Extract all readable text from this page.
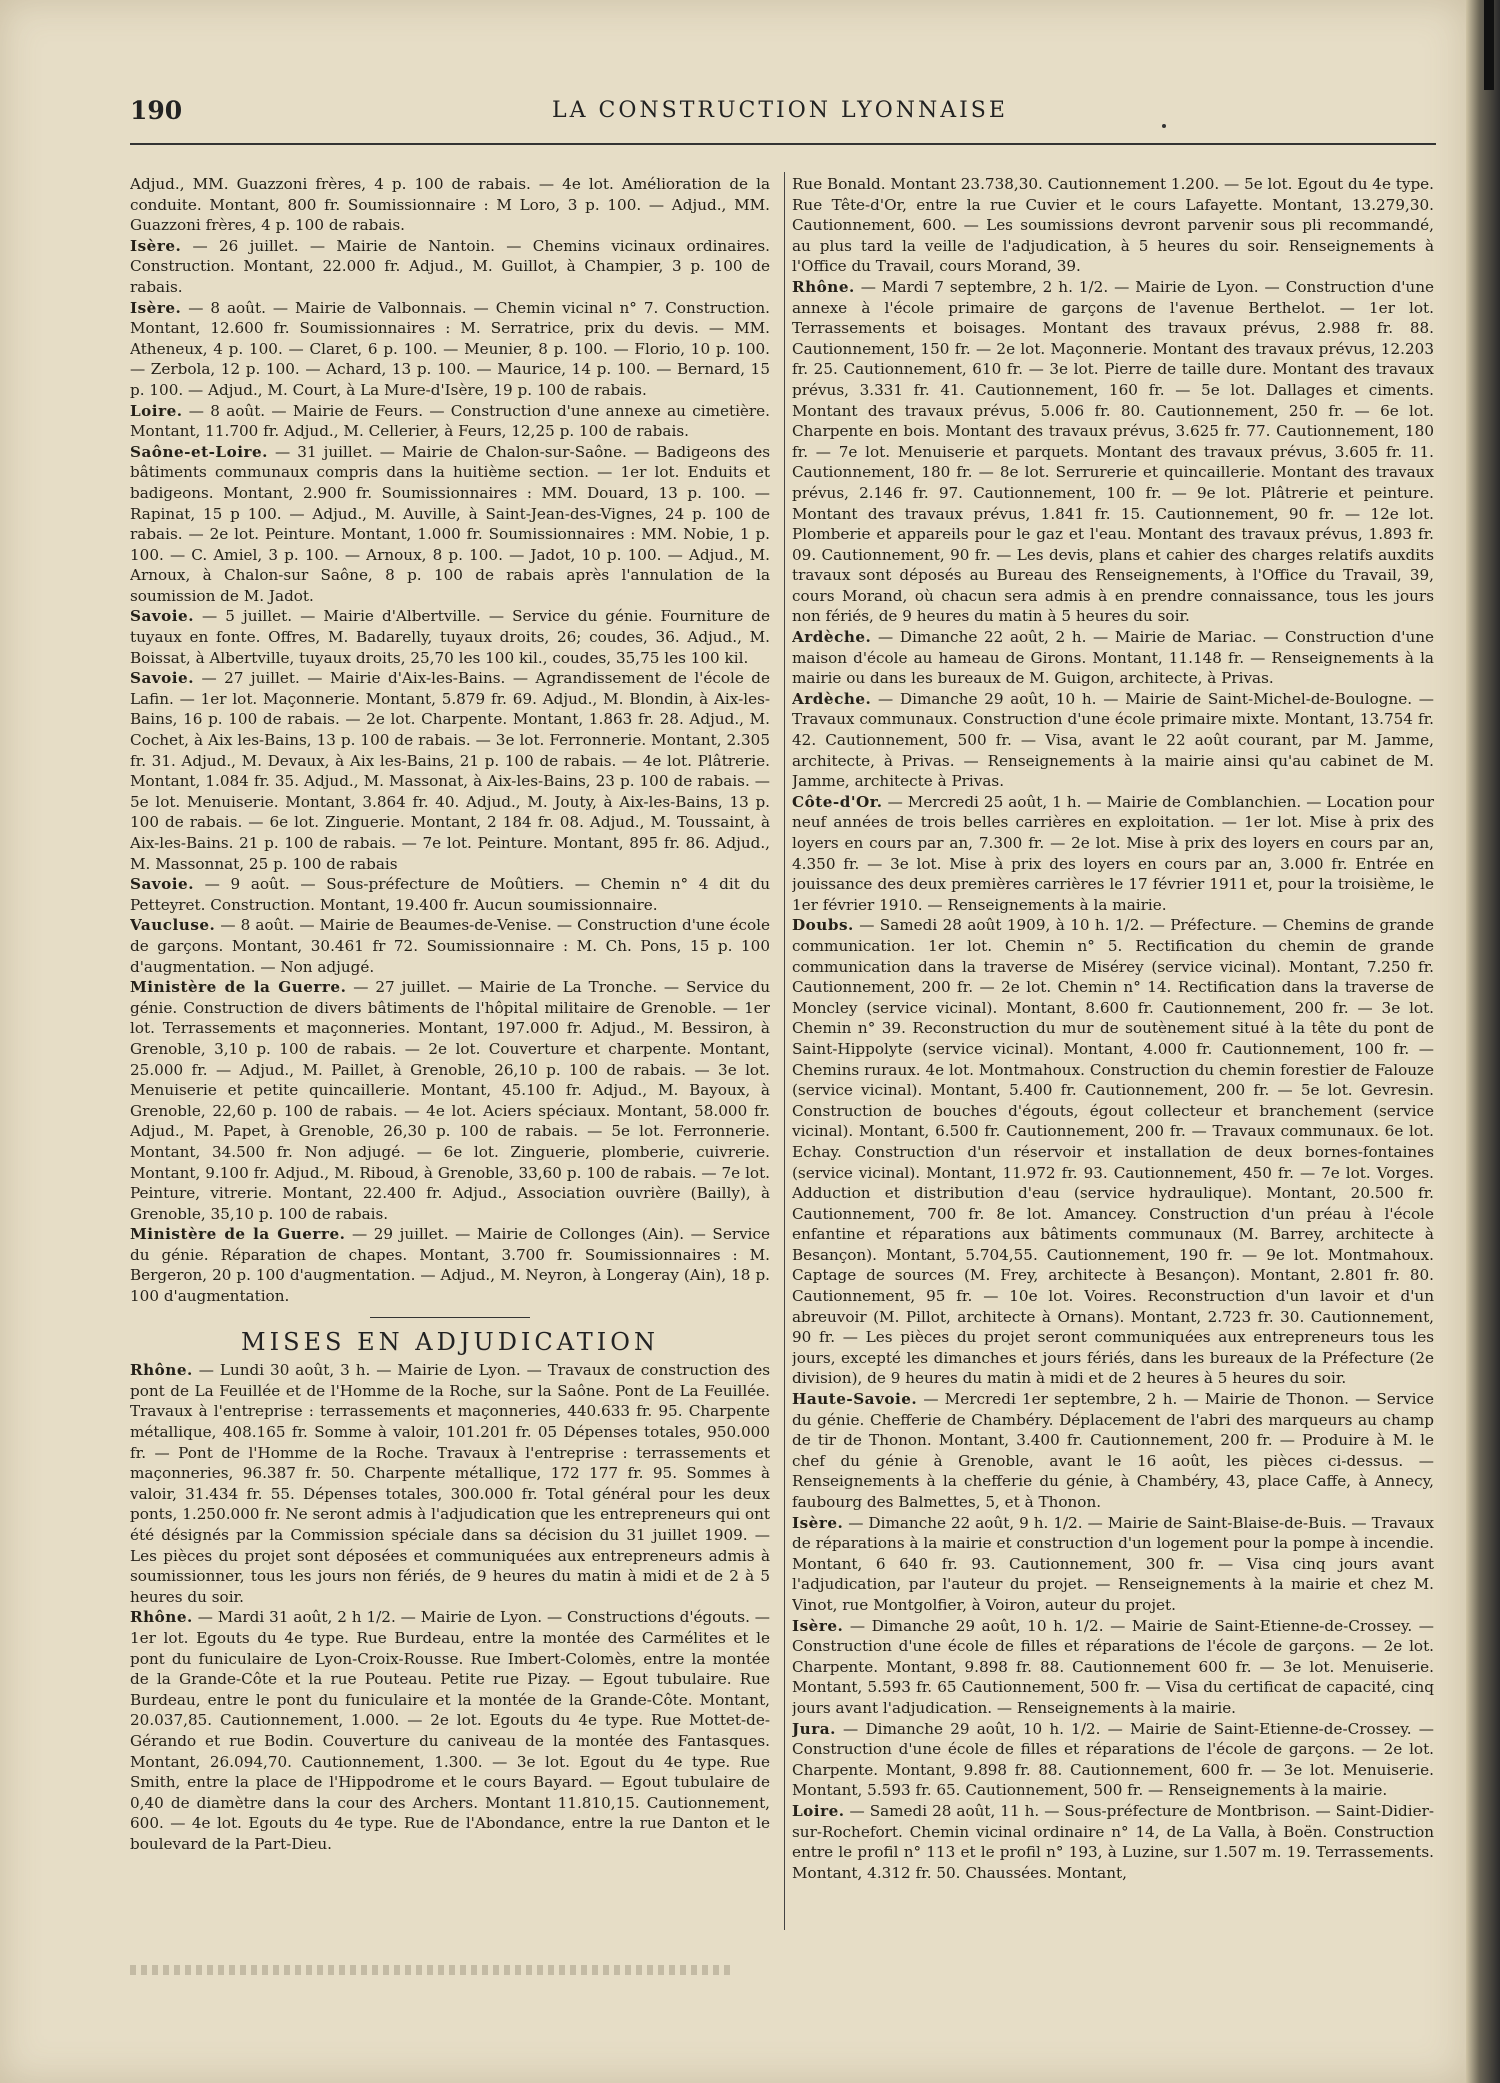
190	LA CONSTRUCTION LYONNAISE

Adjud., MM. Guazzoni frères, 4 p. 100 de rabais. — 4e lot. Amélioration de la conduite. Montant, 800 fr. Soumissionnaire : M Loro, 3 p. 100. — Adjud., MM. Guazzoni frères, 4 p. 100 de rabais.

Isère. — 26 juillet. — Mairie de Nantoin. — Chemins vicinaux ordinaires. Construction. Montant, 22.000 fr. Adjud., M. Guillot, à Champier, 3 p. 100 de rabais.

Isère. — 8 août. — Mairie de Valbonnais. — Chemin vicinal n° 7. Construction. Montant, 12.600 fr. Soumissionnaires : M. Serratrice, prix du devis. — MM. Atheneux, 4 p. 100. — Claret, 6 p. 100. — Meunier, 8 p. 100. — Florio, 10 p. 100. — Zerbola, 12 p. 100. — Achard, 13 p. 100. — Maurice, 14 p. 100. — Bernard, 15 p. 100. — Adjud., M. Court, à La Mure-d'Isère, 19 p. 100 de rabais.

Loire. — 8 août. — Mairie de Feurs. — Construction d'une annexe au cimetière. Montant, 11.700 fr. Adjud., M. Cellerier, à Feurs, 12,25 p. 100 de rabais.

Saône-et-Loire. — 31 juillet. — Mairie de Chalon-sur-Saône. — Badigeons des bâtiments communaux compris dans la huitième section. — 1er lot. Enduits et badigeons. Montant, 2.900 fr. Soumissionnaires : MM. Douard, 13 p. 100. — Rapinat, 15 p 100. — Adjud., M. Auville, à Saint-Jean-des-Vignes, 24 p. 100 de rabais. — 2e lot. Peinture. Montant, 1.000 fr. Soumissionnaires : MM. Nobie, 1 p. 100. — C. Amiel, 3 p. 100. — Arnoux, 8 p. 100. — Jadot, 10 p. 100. — Adjud., M. Arnoux, à Chalon-sur Saône, 8 p. 100 de rabais après l'annulation de la soumission de M. Jadot.

Savoie. — 5 juillet. — Mairie d'Albertville. — Service du génie. Fourniture de tuyaux en fonte. Offres, M. Badarelly, tuyaux droits, 26; coudes, 36. Adjud., M. Boissat, à Albertville, tuyaux droits, 25,70 les 100 kil., coudes, 35,75 les 100 kil.

Savoie. — 27 juillet. — Mairie d'Aix-les-Bains. — Agrandissement de l'école de Lafin. — 1er lot. Maçonnerie. Montant, 5.879 fr. 69. Adjud., M. Blondin, à Aix-les-Bains, 16 p. 100 de rabais. — 2e lot. Charpente. Montant, 1.863 fr. 28. Adjud., M. Cochet, à Aix les-Bains, 13 p. 100 de rabais. — 3e lot. Ferronnerie. Montant, 2.305 fr. 31. Adjud., M. Devaux, à Aix les-Bains, 21 p. 100 de rabais. — 4e lot. Plâtrerie. Montant, 1.084 fr. 35. Adjud., M. Massonat, à Aix-les-Bains, 23 p. 100 de rabais. — 5e lot. Menuiserie. Montant, 3.864 fr. 40. Adjud., M. Jouty, à Aix-les-Bains, 13 p. 100 de rabais. — 6e lot. Zinguerie. Montant, 2 184 fr. 08. Adjud., M. Toussaint, à Aix-les-Bains. 21 p. 100 de rabais. — 7e lot. Peinture. Montant, 895 fr. 86. Adjud., M. Massonnat, 25 p. 100 de rabais

Savoie. — 9 août. — Sous-préfecture de Moûtiers. — Chemin n° 4 dit du Petteyret. Construction. Montant, 19.400 fr. Aucun soumissionnaire.

Vaucluse. — 8 août. — Mairie de Beaumes-de-Venise. — Construction d'une école de garçons. Montant, 30.461 fr 72. Soumissionnaire : M. Ch. Pons, 15 p. 100 d'augmentation. — Non adjugé.

Ministère de la Guerre. — 27 juillet. — Mairie de La Tronche. — Service du génie. Construction de divers bâtiments de l'hôpital militaire de Grenoble. — 1er lot. Terrassements et maçonneries. Montant, 197.000 fr. Adjud., M. Bessiron, à Grenoble, 3,10 p. 100 de rabais. — 2e lot. Couverture et charpente. Montant, 25.000 fr. — Adjud., M. Paillet, à Grenoble, 26,10 p. 100 de rabais. — 3e lot. Menuiserie et petite quincaillerie. Montant, 45.100 fr. Adjud., M. Bayoux, à Grenoble, 22,60 p. 100 de rabais. — 4e lot. Aciers spéciaux. Montant, 58.000 fr. Adjud., M. Papet, à Grenoble, 26,30 p. 100 de rabais. — 5e lot. Ferronnerie. Montant, 34.500 fr. Non adjugé. — 6e lot. Zinguerie, plomberie, cuivrerie. Montant, 9.100 fr. Adjud., M. Riboud, à Grenoble, 33,60 p. 100 de rabais. — 7e lot. Peinture, vitrerie. Montant, 22.400 fr. Adjud., Association ouvrière (Bailly), à Grenoble, 35,10 p. 100 de rabais.

Ministère de la Guerre. — 29 juillet. — Mairie de Collonges (Ain). — Service du génie. Réparation de chapes. Montant, 3.700 fr. Soumissionnaires : M. Bergeron, 20 p. 100 d'augmentation. — Adjud., M. Neyron, à Longeray (Ain), 18 p. 100 d'augmentation.

MISES EN ADJUDICATION

Rhône. — Lundi 30 août, 3 h. — Mairie de Lyon. — Travaux de construction des pont de La Feuillée et de l'Homme de la Roche, sur la Saône. Pont de La Feuillée. Travaux à l'entreprise : terrassements et maçonneries, 440.633 fr. 95. Charpente métallique, 408.165 fr. Somme à valoir, 101.201 fr. 05 Dépenses totales, 950.000 fr. — Pont de l'Homme de la Roche. Travaux à l'entreprise : terrassements et maçonneries, 96.387 fr. 50. Charpente métallique, 172 177 fr. 95. Sommes à valoir, 31.434 fr. 55. Dépenses totales, 300.000 fr. Total général pour les deux ponts, 1.250.000 fr. Ne seront admis à l'adjudication que les entrepreneurs qui ont été désignés par la Commission spéciale dans sa décision du 31 juillet 1909. — Les pièces du projet sont déposées et communiquées aux entrepreneurs admis à soumissionner, tous les jours non fériés, de 9 heures du matin à midi et de 2 à 5 heures du soir.

Rhône. — Mardi 31 août, 2 h 1/2. — Mairie de Lyon. — Constructions d'égouts. — 1er lot. Egouts du 4e type. Rue Burdeau, entre la montée des Carmélites et le pont du funiculaire de Lyon-Croix-Rousse. Rue Imbert-Colomès, entre la montée de la Grande-Côte et la rue Pouteau. Petite rue Pizay. — Egout tubulaire. Rue Burdeau, entre le pont du funiculaire et la montée de la Grande-Côte. Montant, 20.037,85. Cautionnement, 1.000. — 2e lot. Egouts du 4e type. Rue Mottet-de-Gérando et rue Bodin. Couverture du caniveau de la montée des Fantasques. Montant, 26.094,70. Cautionnement, 1.300. — 3e lot. Egout du 4e type. Rue Smith, entre la place de l'Hippodrome et le cours Bayard. — Egout tubulaire de 0,40 de diamètre dans la cour des Archers. Montant 11.810,15. Cautionnement, 600. — 4e lot. Egouts du 4e type. Rue de l'Abondance, entre la rue Danton et le boulevard de la Part-Dieu.

Rue Bonald. Montant 23.738,30. Cautionnement 1.200. — 5e lot. Egout du 4e type. Rue Tête-d'Or, entre la rue Cuvier et le cours Lafayette. Montant, 13.279,30. Cautionnement, 600. — Les soumissions devront parvenir sous pli recommandé, au plus tard la veille de l'adjudication, à 5 heures du soir. Renseignements à l'Office du Travail, cours Morand, 39.

Rhône. — Mardi 7 septembre, 2 h. 1/2. — Mairie de Lyon. — Construction d'une annexe à l'école primaire de garçons de l'avenue Berthelot. — 1er lot. Terrassements et boisages. Montant des travaux prévus, 2.988 fr. 88. Cautionnement, 150 fr. — 2e lot. Maçonnerie. Montant des travaux prévus, 12.203 fr. 25. Cautionnement, 610 fr. — 3e lot. Pierre de taille dure. Montant des travaux prévus, 3.331 fr. 41. Cautionnement, 160 fr. — 5e lot. Dallages et ciments. Montant des travaux prévus, 5.006 fr. 80. Cautionnement, 250 fr. — 6e lot. Charpente en bois. Montant des travaux prévus, 3.625 fr. 77. Cautionnement, 180 fr. — 7e lot. Menuiserie et parquets. Montant des travaux prévus, 3.605 fr. 11. Cautionnement, 180 fr. — 8e lot. Serrurerie et quincaillerie. Montant des travaux prévus, 2.146 fr. 97. Cautionnement, 100 fr. — 9e lot. Plâtrerie et peinture. Montant des travaux prévus, 1.841 fr. 15. Cautionnement, 90 fr. — 12e lot. Plomberie et appareils pour le gaz et l'eau. Montant des travaux prévus, 1.893 fr. 09. Cautionnement, 90 fr. — Les devis, plans et cahier des charges relatifs auxdits travaux sont déposés au Bureau des Renseignements, à l'Office du Travail, 39, cours Morand, où chacun sera admis à en prendre connaissance, tous les jours non fériés, de 9 heures du matin à 5 heures du soir.

Ardèche. — Dimanche 22 août, 2 h. — Mairie de Mariac. — Construction d'une maison d'école au hameau de Girons. Montant, 11.148 fr. — Renseignements à la mairie ou dans les bureaux de M. Guigon, architecte, à Privas.

Ardèche. — Dimanche 29 août, 10 h. — Mairie de Saint-Michel-de-Boulogne. — Travaux communaux. Construction d'une école primaire mixte. Montant, 13.754 fr. 42. Cautionnement, 500 fr. — Visa, avant le 22 août courant, par M. Jamme, architecte, à Privas. — Renseignements à la mairie ainsi qu'au cabinet de M. Jamme, architecte à Privas.

Côte-d'Or. — Mercredi 25 août, 1 h. — Mairie de Comblanchien. — Location pour neuf années de trois belles carrières en exploitation. — 1er lot. Mise à prix des loyers en cours par an, 7.300 fr. — 2e lot. Mise à prix des loyers en cours par an, 4.350 fr. — 3e lot. Mise à prix des loyers en cours par an, 3.000 fr. Entrée en jouissance des deux premières carrières le 17 février 1911 et, pour la troisième, le 1er février 1910. — Renseignements à la mairie.

Doubs. — Samedi 28 août 1909, à 10 h. 1/2. — Préfecture. — Chemins de grande communication. 1er lot. Chemin n° 5. Rectification du chemin de grande communication dans la traverse de Misérey (service vicinal). Montant, 7.250 fr. Cautionnement, 200 fr. — 2e lot. Chemin n° 14. Rectification dans la traverse de Moncley (service vicinal). Montant, 8.600 fr. Cautionnement, 200 fr. — 3e lot. Chemin n° 39. Reconstruction du mur de soutènement situé à la tête du pont de Saint-Hippolyte (service vicinal). Montant, 4.000 fr. Cautionnement, 100 fr. — Chemins ruraux. 4e lot. Montmahoux. Construction du chemin forestier de Falouze (service vicinal). Montant, 5.400 fr. Cautionnement, 200 fr. — 5e lot. Gevresin. Construction de bouches d'égouts, égout collecteur et branchement (service vicinal). Montant, 6.500 fr. Cautionnement, 200 fr. — Travaux communaux. 6e lot. Echay. Construction d'un réservoir et installation de deux bornes-fontaines (service vicinal). Montant, 11.972 fr. 93. Cautionnement, 450 fr. — 7e lot. Vorges. Adduction et distribution d'eau (service hydraulique). Montant, 20.500 fr. Cautionnement, 700 fr. 8e lot. Amancey. Construction d'un préau à l'école enfantine et réparations aux bâtiments communaux (M. Barrey, architecte à Besançon). Montant, 5.704,55. Cautionnement, 190 fr. — 9e lot. Montmahoux. Captage de sources (M. Frey, architecte à Besançon). Montant, 2.801 fr. 80. Cautionnement, 95 fr. — 10e lot. Voires. Reconstruction d'un lavoir et d'un abreuvoir (M. Pillot, architecte à Ornans). Montant, 2.723 fr. 30. Cautionnement, 90 fr. — Les pièces du projet seront communiquées aux entrepreneurs tous les jours, excepté les dimanches et jours fériés, dans les bureaux de la Préfecture (2e division), de 9 heures du matin à midi et de 2 heures à 5 heures du soir.

Haute-Savoie. — Mercredi 1er septembre, 2 h. — Mairie de Thonon. — Service du génie. Chefferie de Chambéry. Déplacement de l'abri des marqueurs au champ de tir de Thonon. Montant, 3.400 fr. Cautionnement, 200 fr. — Produire à M. le chef du génie à Grenoble, avant le 16 août, les pièces ci-dessus. — Renseignements à la chefferie du génie, à Chambéry, 43, place Caffe, à Annecy, faubourg des Balmettes, 5, et à Thonon.

Isère. — Dimanche 22 août, 9 h. 1/2. — Mairie de Saint-Blaise-de-Buis. — Travaux de réparations à la mairie et construction d'un logement pour la pompe à incendie. Montant, 6 640 fr. 93. Cautionnement, 300 fr. — Visa cinq jours avant l'adjudication, par l'auteur du projet. — Renseignements à la mairie et chez M. Vinot, rue Montgolfier, à Voiron, auteur du projet.

Isère. — Dimanche 29 août, 10 h. 1/2. — Mairie de Saint-Etienne-de-Crossey. — Construction d'une école de filles et réparations de l'école de garçons. — 2e lot. Charpente. Montant, 9.898 fr. 88. Cautionnement 600 fr. — 3e lot. Menuiserie. Montant, 5.593 fr. 65 Cautionnement, 500 fr. — Visa du certificat de capacité, cinq jours avant l'adjudication. — Renseignements à la mairie.

Jura. — Dimanche 29 août, 10 h. 1/2. — Mairie de Saint-Etienne-de-Crossey. — Construction d'une école de filles et réparations de l'école de garçons. — 2e lot. Charpente. Montant, 9.898 fr. 88. Cautionnement, 600 fr. — 3e lot. Menuiserie. Montant, 5.593 fr. 65. Cautionnement, 500 fr. — Renseignements à la mairie.

Loire. — Samedi 28 août, 11 h. — Sous-préfecture de Montbrison. — Saint-Didier-sur-Rochefort. Chemin vicinal ordinaire n° 14, de La Valla, à Boën. Construction entre le profil n° 113 et le profil n° 193, à Luzine, sur 1.507 m. 19. Terrassements. Montant, 4.312 fr. 50. Chaussées. Montant,
